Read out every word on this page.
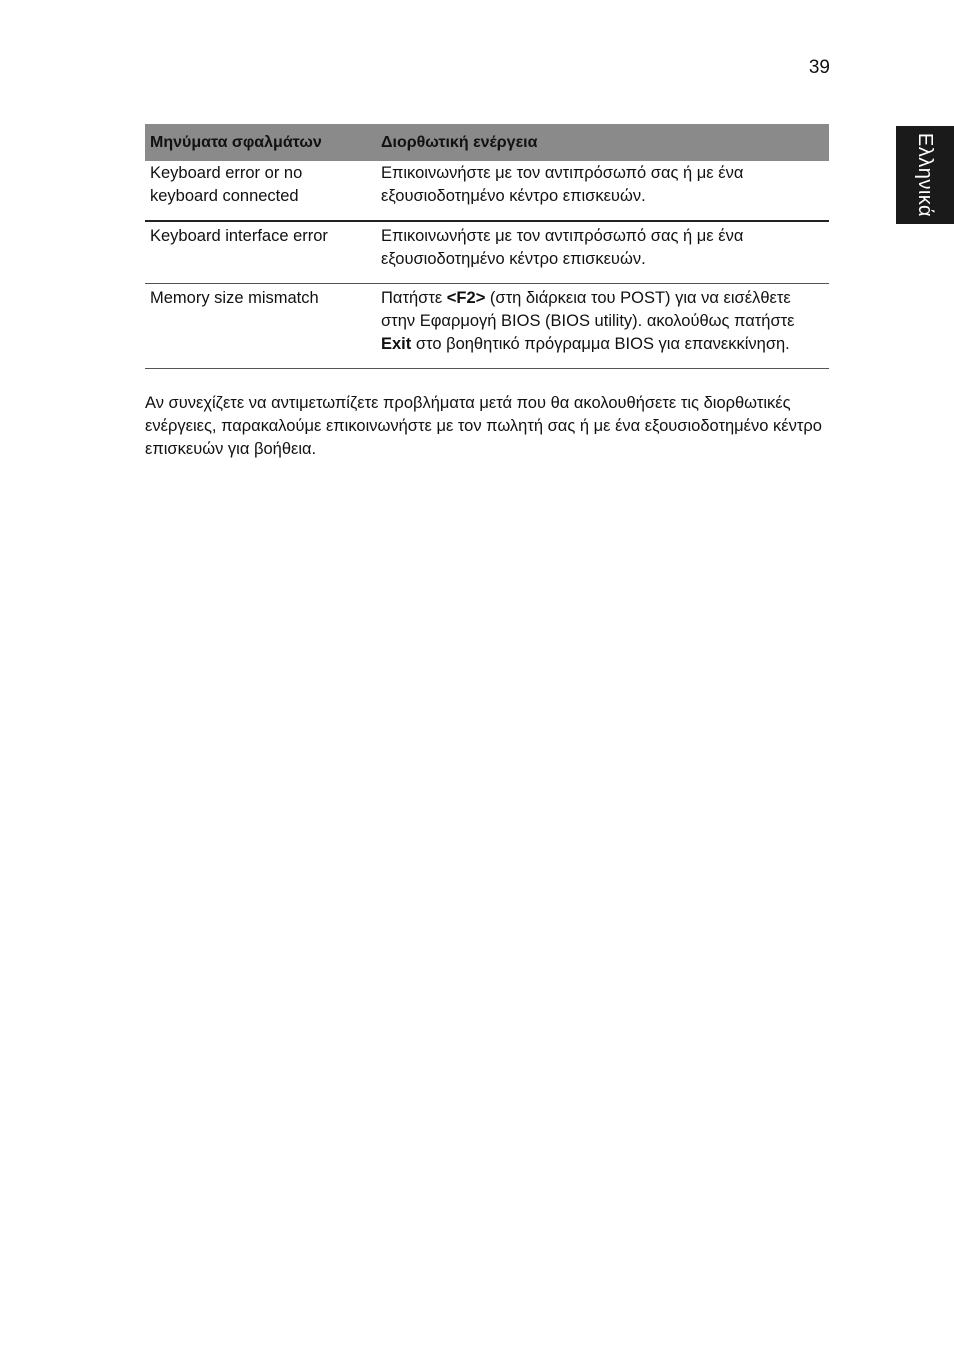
39
Ελληνικά
Μηνύματα σφαλμάτων	Διορθωτική ενέργεια
Keyboard error or no keyboard connected	Επικοινωνήστε με τον αντιπρόσωπό σας ή με ένα εξουσιοδοτημένο κέντρο επισκευών.
Keyboard interface error	Επικοινωνήστε με τον αντιπρόσωπό σας ή με ένα εξουσιοδοτημένο κέντρο επισκευών.
Memory size mismatch	Πατήστε <F2> (στη διάρκεια του POST) για να εισέλθετε στην Εφαρμογή BIOS (BIOS utility). ακολούθως πατήστε Exit στο βοηθητικό πρόγραμμα BIOS για επανεκκίνηση.

Αν συνεχίζετε να αντιμετωπίζετε προβλήματα μετά που θα ακολουθήσετε τις διορθωτικές ενέργειες, παρακαλούμε επικοινωνήστε με τον πωλητή σας ή με ένα εξουσιοδοτημένο κέντρο επισκευών για βοήθεια.
